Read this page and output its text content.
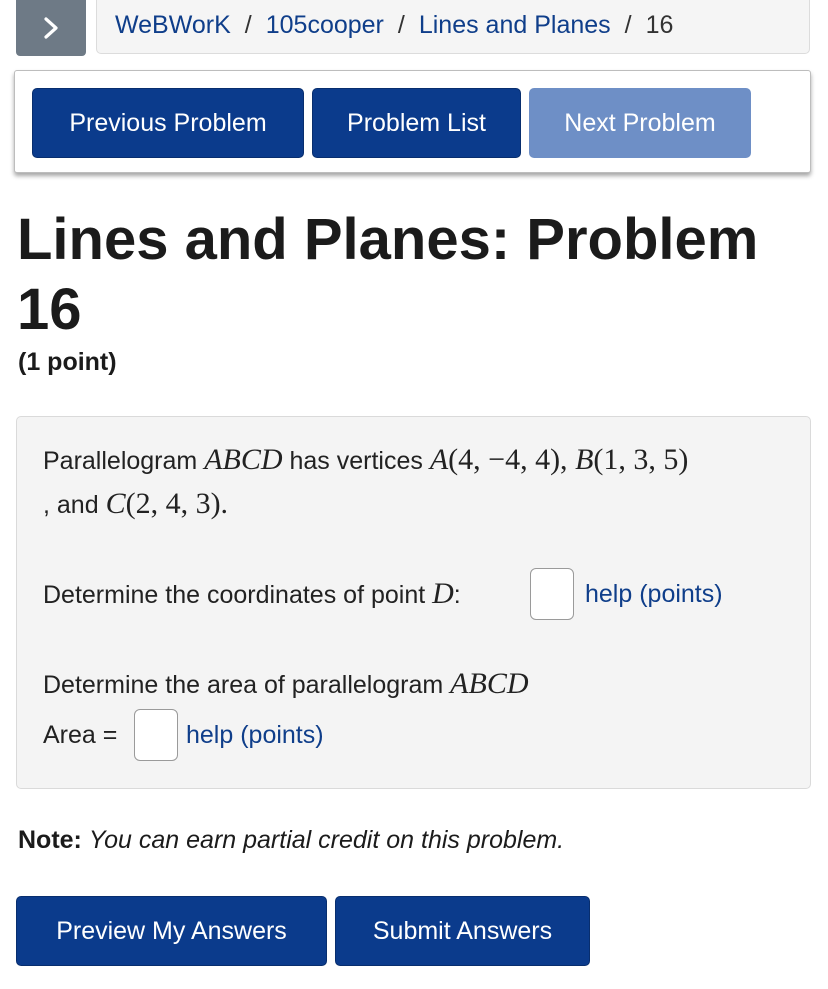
WeBWorK / 105cooper / Lines and Planes / 16
Previous Problem	Problem List	Next Problem
Lines and Planes: Problem
16
(1 point)
Parallelogram ABCD has vertices A(4, −4, 4), B(1, 3, 5)
, and C(2, 4, 3).
Determine the coordinates of point D:	help (points)
Determine the area of parallelogram ABCD
Area =	help (points)
Note: You can earn partial credit on this problem.
Preview My Answers	Submit Answers
